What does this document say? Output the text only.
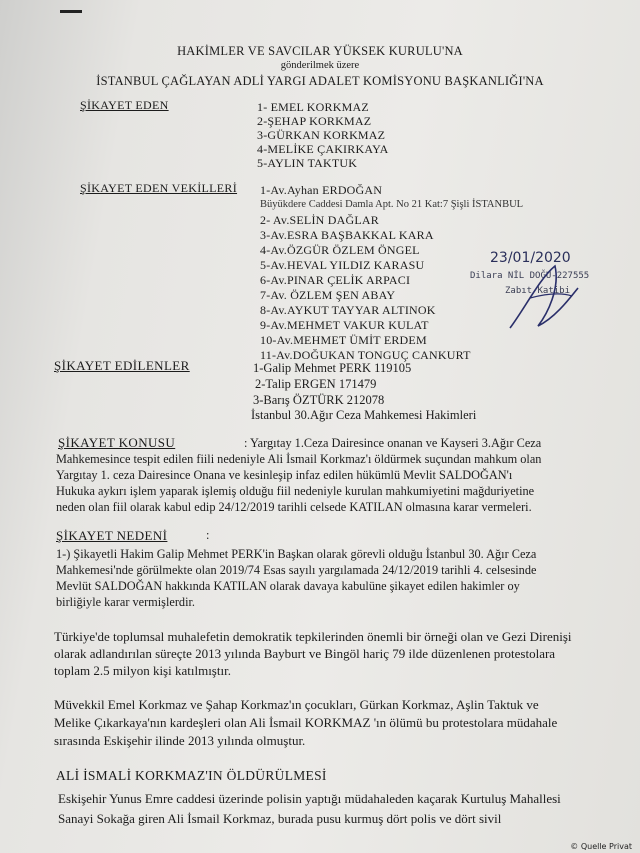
HAKİMLER VE SAVCILAR YÜKSEK KURULU'NA
gönderilmek üzere
İSTANBUL ÇAĞLAYAN ADLİ YARGI ADALET KOMİSYONU BAŞKANLIĞI'NA
ŞİKAYET EDEN	1- EMEL KORKMAZ
2-ŞEHAP KORKMAZ
3-GÜRKAN KORKMAZ
4-MELİKE ÇAKIRKAYA
5-AYLIN TAKTUK
ŞİKAYET EDEN VEKİLLERİ 1-Av.Ayhan ERDOĞAN
Büyükdere Caddesi Damla Apt. No 21 Kat:7 Şişli İSTANBUL
2- Av.SELİN DAĞLAR
3-Av.ESRA BAŞBAKKAL KARA
4-Av.ÖZGÜR ÖZLEM ÖNGEL
5-Av.HEVAL YILDIZ KARASU
6-Av.PINAR ÇELİK ARPACI
7-Av. ÖZLEM ŞEN ABAY
8-Av.AYKUT TAYYAR ALTINOK
9-Av.MEHMET VAKUR KULAT
10-Av.MEHMET ÜMİT ERDEM
11-Av.DOĞUKAN TONGUÇ CANKURT
23/01/2020
Dilara NİL DOĞU-227555
Zabıt Katibi
ŞİKAYET EDİLENLER	1-Galip Mehmet PERK 119105
2-Talip ERGEN 171479
3-Barış ÖZTÜRK 212078
İstanbul 30.Ağır Ceza Mahkemesi Hakimleri
ŞİKAYET KONUSU	: Yargıtay 1.Ceza Dairesince onanan ve Kayseri 3.Ağır Ceza
Mahkemesince tespit edilen fiili nedeniyle Ali İsmail Korkmaz'ı öldürmek suçundan mahkum olan
Yargıtay 1. ceza Dairesince Onana ve kesinleşip infaz edilen hükümlü Mevlit SALDOĞAN'ı
Hukuka aykırı işlem yaparak işlemiş olduğu fiil nedeniyle kurulan mahkumiyetini mağduriyetine
neden olan fiil olarak kabul edip 24/12/2019 tarihli celsede KATILAN olmasına karar vermeleri.
ŞİKAYET NEDENİ	:
1-) Şikayetli Hakim Galip Mehmet PERK'in Başkan olarak görevli olduğu İstanbul 30. Ağır Ceza
Mahkemesi'nde görülmekte olan 2019/74 Esas sayılı yargılamada 24/12/2019 tarihli 4. celsesinde
Mevlüt SALDOĞAN hakkında KATILAN olarak davaya kabulüne şikayet edilen hakimler oy
birliğiyle karar vermişlerdir.
Türkiye'de toplumsal muhalefetin demokratik tepkilerinden önemli bir örneği olan ve Gezi Direnişi
olarak adlandırılan süreçte 2013 yılında Bayburt ve Bingöl hariç 79 ilde düzenlenen protestolara
toplam 2.5 milyon kişi katılmıştır.
Müvekkil Emel Korkmaz ve Şahap Korkmaz'ın çocukları, Gürkan Korkmaz, Aşlin Taktuk ve
Melike Çıkarkaya'nın kardeşleri olan Ali İsmail KORKMAZ 'ın ölümü bu protestolara müdahale
sırasında Eskişehir ilinde 2013 yılında olmuştur.
ALİ İSMALİ KORKMAZ'IN ÖLDÜRÜLMESİ
Eskişehir Yunus Emre caddesi üzerinde polisin yaptığı müdahaleden kaçarak Kurtuluş Mahallesi
Sanayi Sokağa giren Ali İsmail Korkmaz, burada pusu kurmuş dört polis ve dört sivil
© Quelle Privat
